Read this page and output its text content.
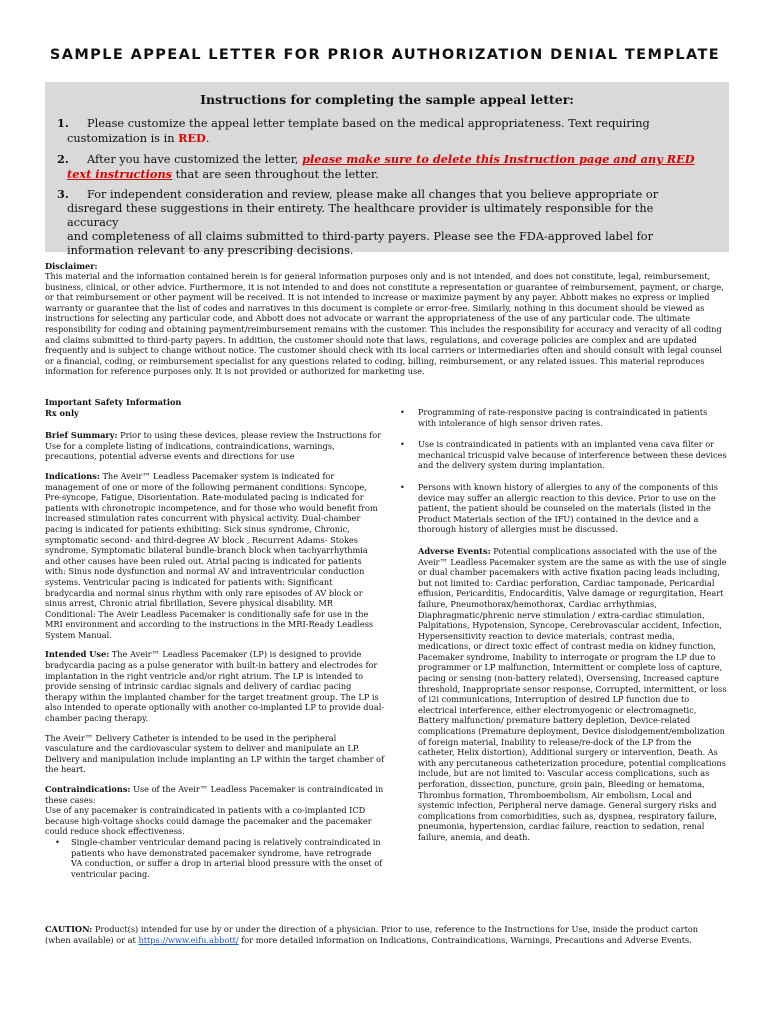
SAMPLE APPEAL LETTER FOR PRIOR AUTHORIZATION DENIAL TEMPLATE
Instructions for completing the sample appeal letter:
1. Please customize the appeal letter template based on the medical appropriateness. Text requiring
customization is in RED.
2. After you have customized the letter, please make sure to delete this Instruction page and any RED
text instructions that are seen throughout the letter.
3. For independent consideration and review, please make all changes that you believe appropriate or
disregard these suggestions in their entirety. The healthcare provider is ultimately responsible for the accuracy
and completeness of all claims submitted to third-party payers. Please see the FDA-approved label for
information relevant to any prescribing decisions.
Disclaimer:
This material and the information contained herein is for general information purposes only and is not intended, and does not constitute, legal, reimbursement, business, clinical, or other advice. Furthermore, it is not intended to and does not constitute a representation or guarantee of reimbursement, payment, or charge, or that reimbursement or other payment will be received. It is not intended to increase or maximize payment by any payer. Abbott makes no express or implied warranty or guarantee that the list of codes and narratives in this document is complete or error-free. Similarly, nothing in this document should be viewed as instructions for selecting any particular code, and Abbott does not advocate or warrant the appropriateness of the use of any particular code. The ultimate responsibility for coding and obtaining payment/reimbursement remains with the customer. This includes the responsibility for accuracy and veracity of all coding and claims submitted to third-party payers. In addition, the customer should note that laws, regulations, and coverage policies are complex and are updated frequently and is subject to change without notice. The customer should check with its local carriers or intermediaries often and should consult with legal counsel or a financial, coding, or reimbursement specialist for any questions related to coding, billing, reimbursement, or any related issues. This material reproduces information for reference purposes only. It is not provided or authorized for marketing use.
Important Safety Information
Rx only
Brief Summary: Prior to using these devices, please review the Instructions for Use for a complete listing of indications, contraindications, warnings, precautions, potential adverse events and directions for use
Indications: The Aveir™ Leadless Pacemaker system is indicated for management of one or more of the following permanent conditions: Syncope, Pre-syncope, Fatigue, Disorientation. Rate-modulated pacing is indicated for patients with chronotropic incompetence, and for those who would benefit from increased stimulation rates concurrent with physical activity. Dual-chamber pacing is indicated for patients exhibiting: Sick sinus syndrome, Chronic, symptomatic second- and third-degree AV block , Recurrent Adams- Stokes syndrome, Symptomatic bilateral bundle-branch block when tachyarrhythmia and other causes have been ruled out. Atrial pacing is indicated for patients with: Sinus node dysfunction and normal AV and intraventricular conduction systems. Ventricular pacing is indicated for patients with: Significant bradycardia and normal sinus rhythm with only rare episodes of AV block or sinus arrest, Chronic atrial fibrillation, Severe physical disability. MR Conditional: The Aveir Leadless Pacemaker is conditionally safe for use in the MRI environment and according to the instructions in the MRI-Ready Leadless System Manual.
Intended Use: The Aveir™ Leadless Pacemaker (LP) is designed to provide bradycardia pacing as a pulse generator with built-in battery and electrodes for implantation in the right ventricle and/or right atrium. The LP is intended to provide sensing of intrinsic cardiac signals and delivery of cardiac pacing therapy within the implanted chamber for the target treatment group. The LP is also intended to operate optionally with another co-implanted LP to provide dual-chamber pacing therapy.
The Aveir™ Delivery Catheter is intended to be used in the peripheral vasculature and the cardiovascular system to deliver and manipulate an LP. Delivery and manipulation include implanting an LP within the target chamber of the heart.
Contraindications: Use of the Aveir™ Leadless Pacemaker is contraindicated in these cases:
Use of any pacemaker is contraindicated in patients with a co-implanted ICD because high-voltage shocks could damage the pacemaker and the pacemaker could reduce shock effectiveness.
• Single-chamber ventricular demand pacing is relatively contraindicated in patients who have demonstrated pacemaker syndrome, have retrograde VA conduction, or suffer a drop in arterial blood pressure with the onset of ventricular pacing.
• Programming of rate-responsive pacing is contraindicated in patients with intolerance of high sensor driven rates.
• Use is contraindicated in patients with an implanted vena cava filter or mechanical tricuspid valve because of interference between these devices and the delivery system during implantation.
• Persons with known history of allergies to any of the components of this device may suffer an allergic reaction to this device. Prior to use on the patient, the patient should be counseled on the materials (listed in the Product Materials section of the IFU) contained in the device and a thorough history of allergies must be discussed.
Adverse Events: Potential complications associated with the use of the Aveir™ Leadless Pacemaker system are the same as with the use of single or dual chamber pacemakers with active fixation pacing leads including, but not limited to: Cardiac perforation, Cardiac tamponade, Pericardial effusion, Pericarditis, Endocarditis, Valve damage or regurgitation, Heart failure, Pneumothorax/hemothorax, Cardiac arrhythmias, Diaphragmatic/phrenic nerve stimulation / extra-cardiac stimulation, Palpitations, Hypotension, Syncope, Cerebrovascular accident, Infection, Hypersensitivity reaction to device materials, contrast media, medications, or direct toxic effect of contrast media on kidney function, Pacemaker syndrome, Inability to interrogate or program the LP due to programmer or LP malfunction, Intermittent or complete loss of capture, pacing or sensing (non-battery related), Oversensing, Increased capture threshold, Inappropriate sensor response, Corrupted, intermittent, or loss of i2i communications, Interruption of desired LP function due to electrical interference, either electromyogenic or electromagnetic, Battery malfunction/ premature battery depletion, Device-related complications (Premature deployment, Device dislodgement/embolization of foreign material, Inability to release/re-dock of the LP from the catheter, Helix distortion), Additional surgery or intervention, Death. As with any percutaneous catheterization procedure, potential complications include, but are not limited to: Vascular access complications, such as perforation, dissection, puncture, groin pain, Bleeding or hematoma, Thrombus formation, Thromboembolism, Air embolism, Local and systemic infection, Peripheral nerve damage. General surgery risks and complications from comorbidities, such as, dyspnea, respiratory failure, pneumonia, hypertension, cardiac failure, reaction to sedation, renal failure, anemia, and death.
CAUTION: Product(s) intended for use by or under the direction of a physician. Prior to use, reference to the Instructions for Use, inside the product carton (when available) or at https://www.eifu.abbott/ for more detailed information on Indications, Contraindications, Warnings, Precautions and Adverse Events.
